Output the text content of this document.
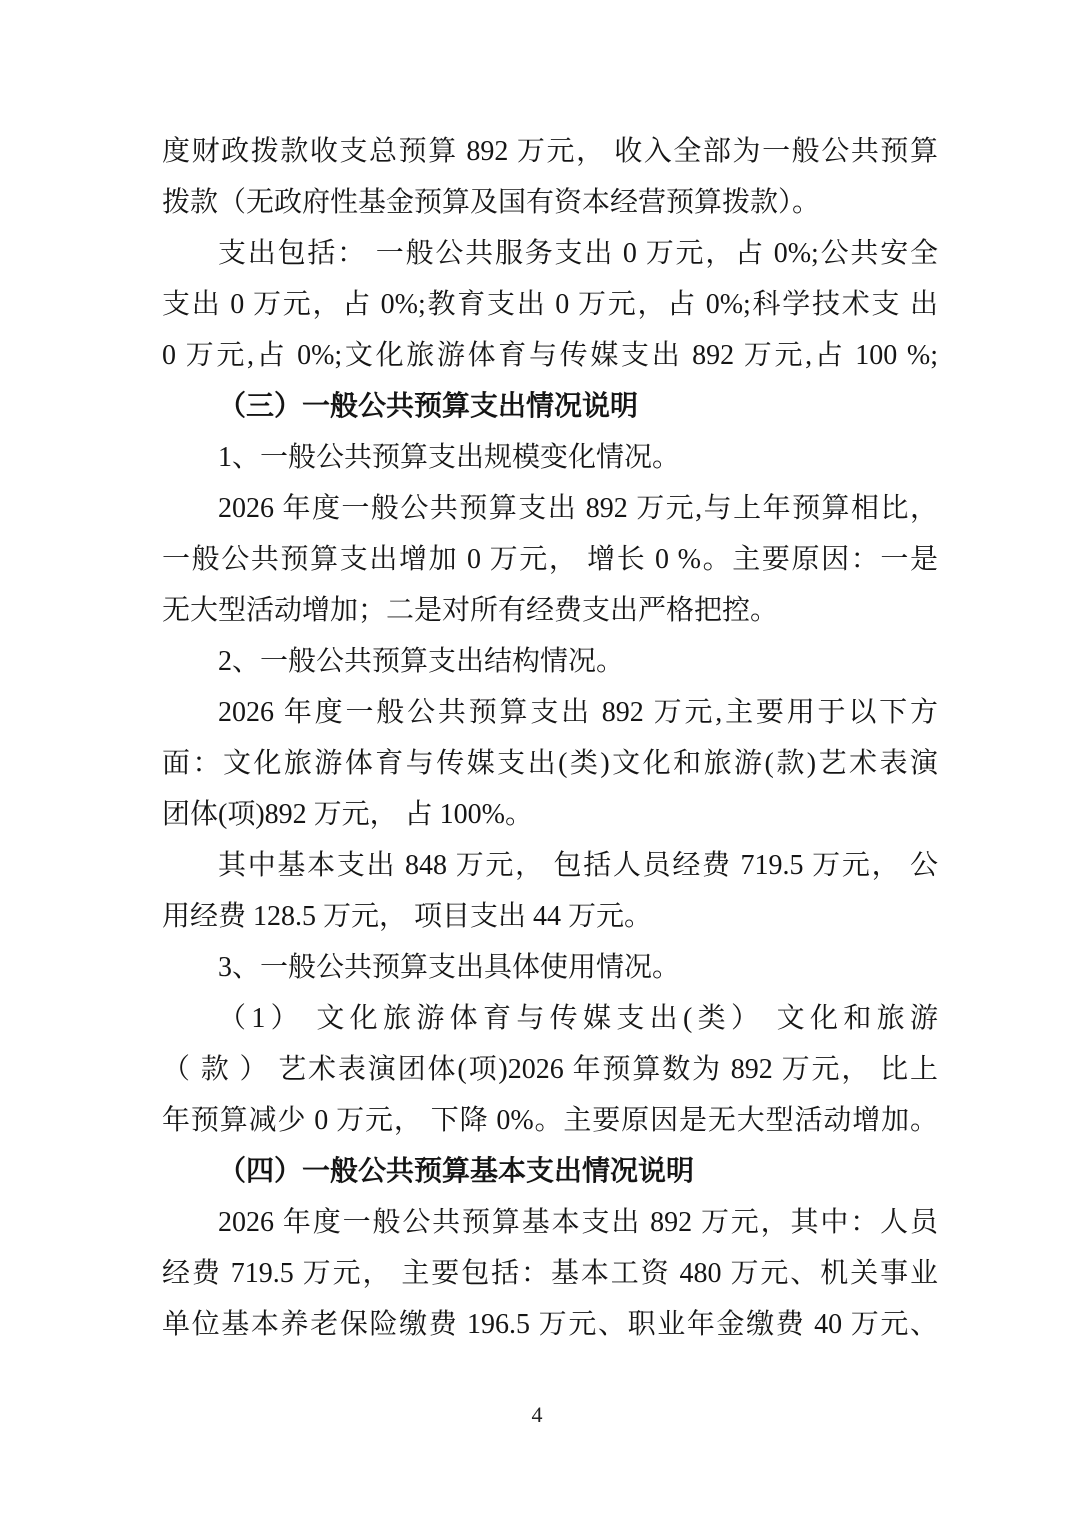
度财政拨款收支总预算 892 万元， 收入全部为一般公共预算

拨款（无政府性基金预算及国有资本经营预算拨款）。

支出包括： 一般公共服务支出 0 万元，占 0%;公共安全

支出 0 万元，占 0%;教育支出 0 万元，占 0%;科学技术支 出

0 万元,占 0%;文化旅游体育与传媒支出 892 万元,占 100 %;

（三）一般公共预算支出情况说明

1、一般公共预算支出规模变化情况。

2026 年度一般公共预算支出 892 万元,与上年预算相比，

一般公共预算支出增加 0 万元， 增长 0 %。主要原因：一是

无大型活动增加；二是对所有经费支出严格把控。

2、一般公共预算支出结构情况。

2026 年度一般公共预算支出 892 万元,主要用于以下方

面：文化旅游体育与传媒支出(类)文化和旅游(款)艺术表演

团体(项)892 万元， 占 100%。

其中基本支出 848 万元， 包括人员经费 719.5 万元， 公

用经费 128.5 万元， 项目支出 44 万元。

3、一般公共预算支出具体使用情况。

（1） 文化旅游体育与传媒支出(类） 文化和旅游

（ 款 ） 艺术表演团体(项)2026 年预算数为 892 万元， 比上

年预算减少 0 万元， 下降 0%。主要原因是无大型活动增加。

（四）一般公共预算基本支出情况说明

2026 年度一般公共预算基本支出 892 万元，其中：人员

经费 719.5 万元， 主要包括：基本工资 480 万元、机关事业

单位基本养老保险缴费 196.5 万元、职业年金缴费 40 万元、

4
